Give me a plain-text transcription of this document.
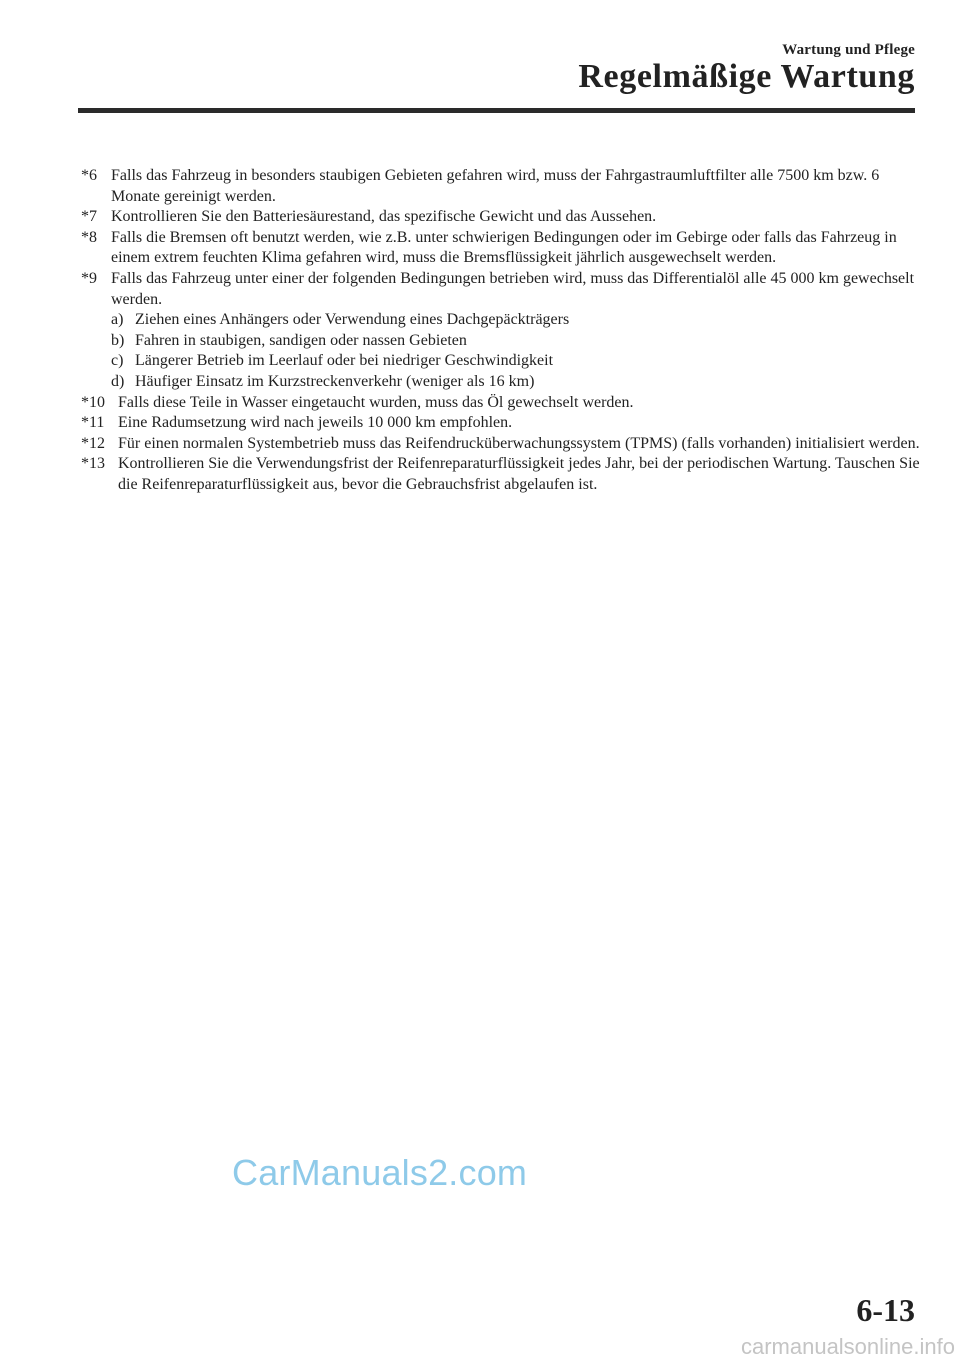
Wartung und Pflege
Regelmäßige Wartung
*6 Falls das Fahrzeug in besonders staubigen Gebieten gefahren wird, muss der Fahrgastraumluftfilter alle 7500 km bzw. 6 Monate gereinigt werden.
*7 Kontrollieren Sie den Batteriesäurestand, das spezifische Gewicht und das Aussehen.
*8 Falls die Bremsen oft benutzt werden, wie z.B. unter schwierigen Bedingungen oder im Gebirge oder falls das Fahrzeug in einem extrem feuchten Klima gefahren wird, muss die Bremsflüssigkeit jährlich ausgewechselt werden.
*9 Falls das Fahrzeug unter einer der folgenden Bedingungen betrieben wird, muss das Differentialöl alle 45 000 km gewechselt werden.
a) Ziehen eines Anhängers oder Verwendung eines Dachgepäckträgers
b) Fahren in staubigen, sandigen oder nassen Gebieten
c) Längerer Betrieb im Leerlauf oder bei niedriger Geschwindigkeit
d) Häufiger Einsatz im Kurzstreckenverkehr (weniger als 16 km)
*10 Falls diese Teile in Wasser eingetaucht wurden, muss das Öl gewechselt werden.
*11 Eine Radumsetzung wird nach jeweils 10 000 km empfohlen.
*12 Für einen normalen Systembetrieb muss das Reifendrucküberwachungssystem (TPMS) (falls vorhanden) initialisiert werden.
*13 Kontrollieren Sie die Verwendungsfrist der Reifenreparaturflüssigkeit jedes Jahr, bei der periodischen Wartung. Tauschen Sie die Reifenreparaturflüssigkeit aus, bevor die Gebrauchsfrist abgelaufen ist.
CarManuals2.com
6-13
carmanualsonline.info
